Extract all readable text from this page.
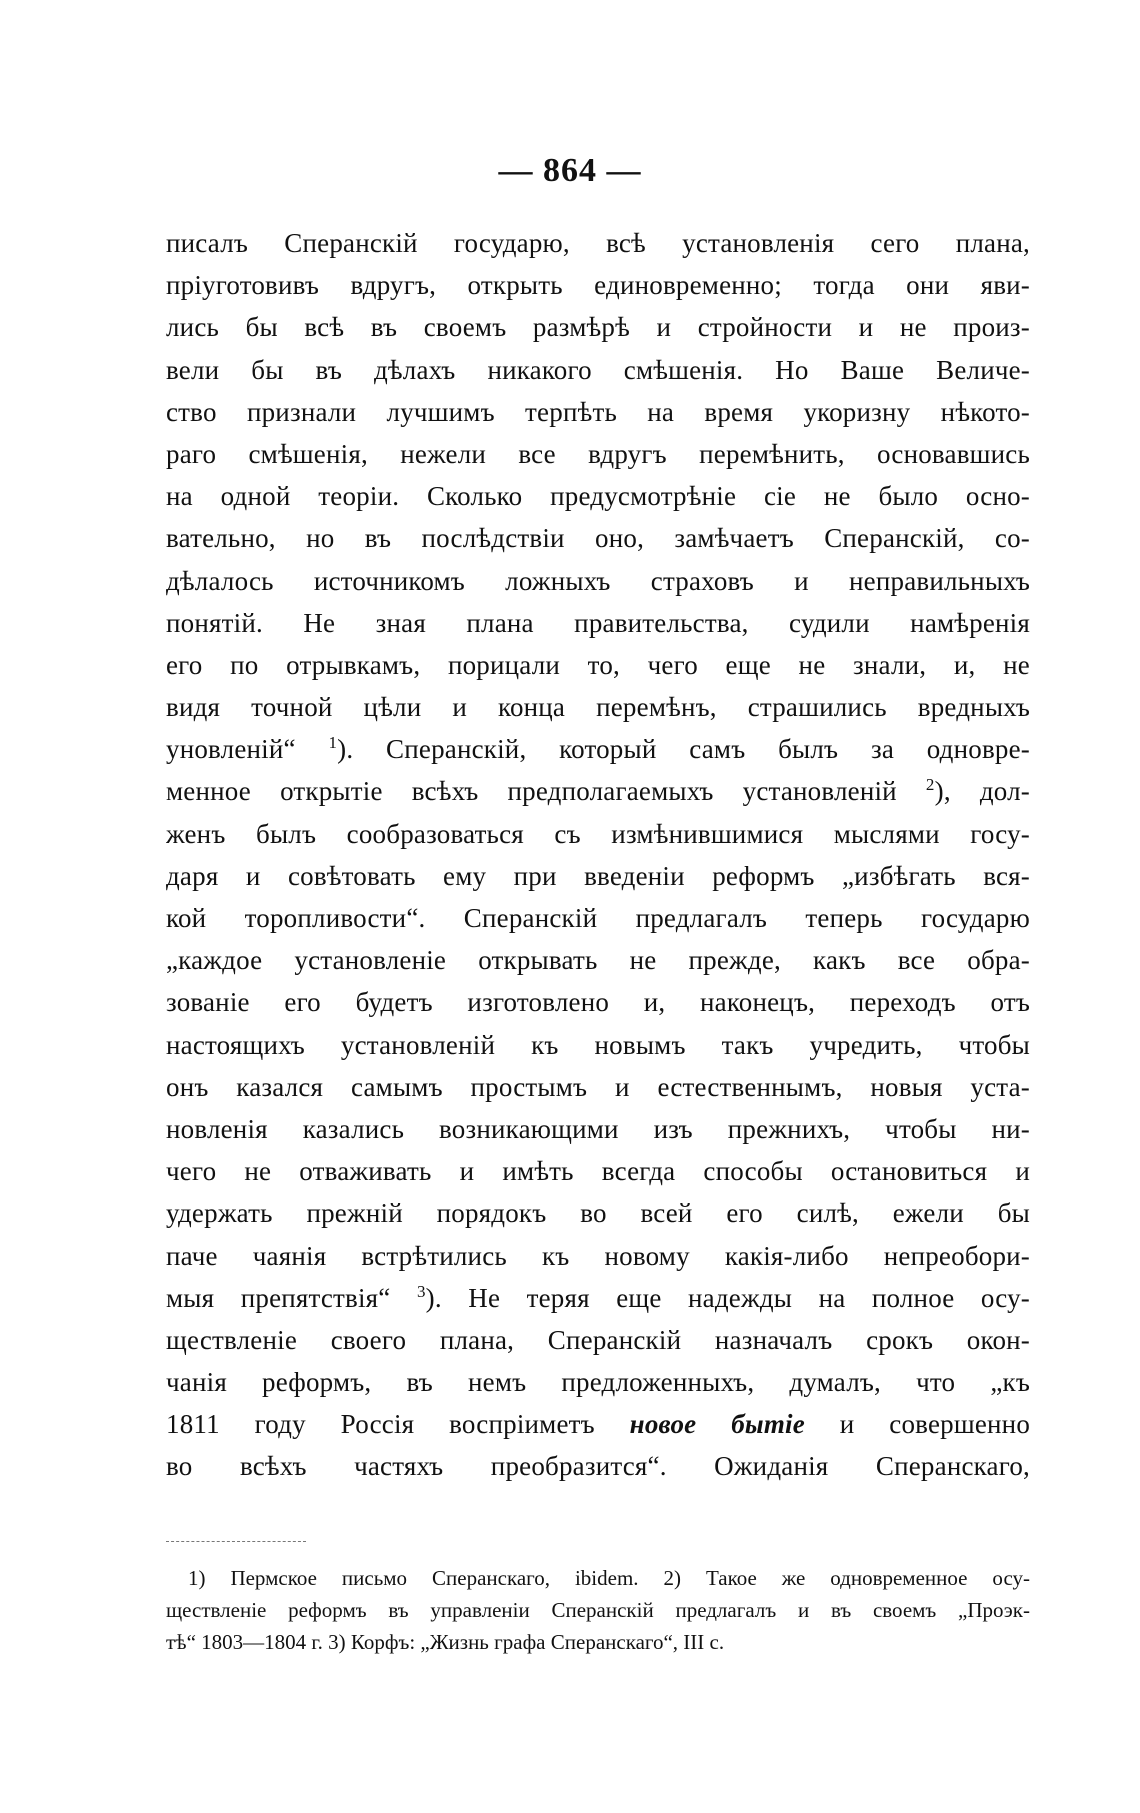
— 864 —
писалъ Сперанскій государю, всѣ установленія сего плана,
пріуготовивъ вдругъ, открыть единовременно; тогда они яви-
лись бы всѣ въ своемъ размѣрѣ и стройности и не произ-
вели бы въ дѣлахъ никакого смѣшенія. Но Ваше Величе-
ство признали лучшимъ терпѣть на время укоризну нѣкото-
раго смѣшенія, нежели все вдругъ перемѣнить, основавшись
на одной теоріи. Сколько предусмотрѣніе сіе не было осно-
вательно, но въ послѣдствіи оно, замѣчаетъ Сперанскій, со-
дѣлалось источникомъ ложныхъ страховъ и неправильныхъ
понятій. Не зная плана правительства, судили намѣренія
его по отрывкамъ, порицали то, чего еще не знали, и, не
видя точной цѣли и конца перемѣнъ, страшились вредныхъ
уновленій“ $^1$). Сперанскій, который самъ былъ за одновре-
менное открытіе всѣхъ предполагаемыхъ установленій $^2$), дол-
женъ былъ сообразоваться съ измѣнившимися мыслями госу-
даря и совѣтовать ему при введеніи реформъ „избѣгать вся-
кой торопливости“. Сперанскій предлагалъ теперь государю
„каждое установленіе открывать не прежде, какъ все обра-
зованіе его будетъ изготовлено и, наконецъ, переходъ отъ
настоящихъ установленій къ новымъ такъ учредить, чтобы
онъ казался самымъ простымъ и естественнымъ, новыя уста-
новленія казались возникающими изъ прежнихъ, чтобы ни-
чего не отваживать и имѣть всегда способы остановиться и
удержать прежній порядокъ во всей его силѣ, ежели бы
паче чаянія встрѣтились къ новому какія-либо непреобори-
мыя препятствія“ $^3$). Не теряя еще надежды на полное осу-
ществленіе своего плана, Сперанскій назначалъ срокъ окон-
чанія реформъ, въ немъ предложенныхъ, думалъ, что „къ
1811 году Россія воспріиметъ новое бытіе и совершенно
во всѣхъ частяхъ преобразится“. Ожиданія Сперанскаго,
1) Пермское письмо Сперанскаго, ibidem. 2) Такое же одновременное осу-
ществленіе реформъ въ управленіи Сперанскій предлагалъ и въ своемъ „Проэк-
тѣ“ 1803—1804 г. 3) Корфъ: „Жизнь графа Сперанскаго“, III с.
